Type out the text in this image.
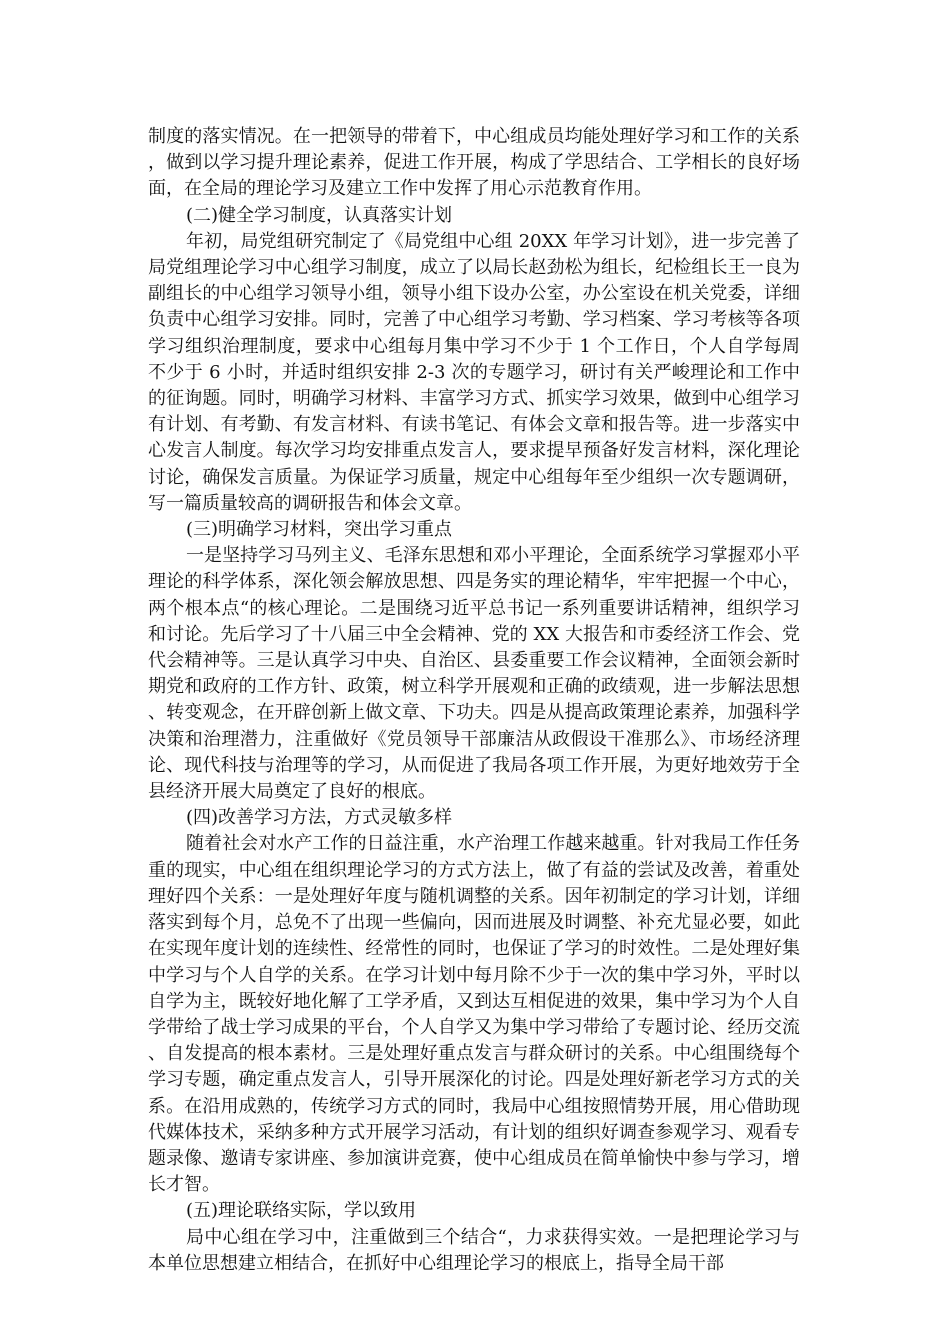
制度的落实情况。在一把领导的带着下，中心组成员均能处理好学习和工作的关系，做到以学习提升理论素养，促进工作开展，构成了学思结合、工学相长的良好场面，在全局的理论学习及建立工作中发挥了用心示范教育作用。

(二)健全学习制度，认真落实计划

年初，局党组研究制定了《局党组中心组 20XX 年学习计划》，进一步完善了局党组理论学习中心组学习制度，成立了以局长赵劲松为组长，纪检组长王一良为副组长的中心组学习领导小组，领导小组下设办公室，办公室设在机关党委，详细负责中心组学习安排。同时，完善了中心组学习考勤、学习档案、学习考核等各项学习组织治理制度，要求中心组每月集中学习不少于 1 个工作日，个人自学每周不少于 6 小时，并适时组织安排 2-3 次的专题学习，研讨有关严峻理论和工作中的征询题。同时，明确学习材料、丰富学习方式、抓实学习效果，做到中心组学习有计划、有考勤、有发言材料、有读书笔记、有体会文章和报告等。进一步落实中心发言人制度。每次学习均安排重点发言人，要求提早预备好发言材料，深化理论讨论，确保发言质量。为保证学习质量，规定中心组每年至少组织一次专题调研，写一篇质量较高的调研报告和体会文章。

(三)明确学习材料，突出学习重点

一是坚持学习马列主义、毛泽东思想和邓小平理论，全面系统学习掌握邓小平理论的科学体系，深化领会解放思想、四是务实的理论精华，牢牢把握一个中心，两个根本点“的核心理论。二是围绕习近平总书记一系列重要讲话精神，组织学习和讨论。先后学习了十八届三中全会精神、党的 XX 大报告和市委经济工作会、党代会精神等。三是认真学习中央、自治区、县委重要工作会议精神，全面领会新时期党和政府的工作方针、政策，树立科学开展观和正确的政绩观，进一步解法思想、转变观念，在开辟创新上做文章、下功夫。四是从提高政策理论素养，加强科学决策和治理潜力，注重做好《党员领导干部廉洁从政假设干准那么》、市场经济理论、现代科技与治理等的学习，从而促进了我局各项工作开展，为更好地效劳于全县经济开展大局奠定了良好的根底。

(四)改善学习方法，方式灵敏多样

随着社会对水产工作的日益注重，水产治理工作越来越重。针对我局工作任务重的现实，中心组在组织理论学习的方式方法上，做了有益的尝试及改善，着重处理好四个关系：一是处理好年度与随机调整的关系。因年初制定的学习计划，详细落实到每个月，总免不了出现一些偏向，因而进展及时调整、补充尤显必要，如此在实现年度计划的连续性、经常性的同时，也保证了学习的时效性。二是处理好集中学习与个人自学的关系。在学习计划中每月除不少于一次的集中学习外，平时以自学为主，既较好地化解了工学矛盾，又到达互相促进的效果，集中学习为个人自学带给了战士学习成果的平台，个人自学又为集中学习带给了专题讨论、经历交流、自发提高的根本素材。三是处理好重点发言与群众研讨的关系。中心组围绕每个学习专题，确定重点发言人，引导开展深化的讨论。四是处理好新老学习方式的关系。在沿用成熟的，传统学习方式的同时，我局中心组按照情势开展，用心借助现代媒体技术，采纳多种方式开展学习活动，有计划的组织好调查参观学习、观看专题录像、邀请专家讲座、参加演讲竞赛，使中心组成员在简单愉快中参与学习，增长才智。

(五)理论联络实际，学以致用

局中心组在学习中，注重做到三个结合“，力求获得实效。一是把理论学习与本单位思想建立相结合，在抓好中心组理论学习的根底上，指导全局干部
